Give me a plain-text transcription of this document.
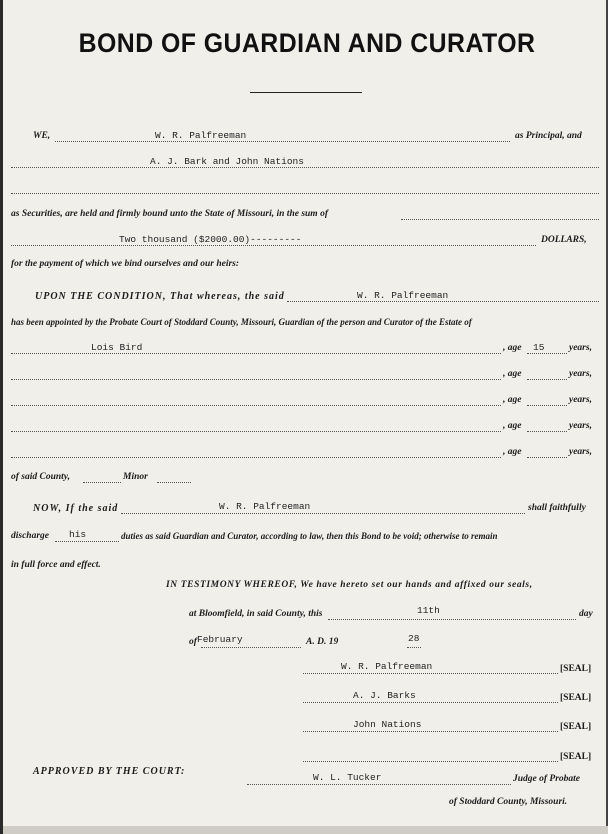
BOND OF GUARDIAN AND CURATOR
WE,	W. R. Palfreeman	as Principal, and
A. J. Bark and John Nations
as Securities, are held and firmly bound unto the State of Missouri, in the sum of
Two thousand ($2000.00)---------	DOLLARS,
for the payment of which we bind ourselves and our heirs:
UPON THE CONDITION, That whereas, the said	W. R. Palfreeman
has been appointed by the Probate Court of Stoddard County, Missouri, Guardian of the person and Curator of the Estate of
Lois Bird	, age 15	years,
, age	years,
, age	years,
, age	years,
, age	years,
of said County,	Minor
NOW, If the said	W. R. Palfreeman	shall faithfully
discharge his	duties as said Guardian and Curator, according to law, then this Bond to be void; otherwise to remain
in full force and effect.
IN TESTIMONY WHEREOF, We have hereto set our hands and affixed our seals,
at Bloomfield, in said County, this	11th	day
of February	A. D. 19	28
W. R. Palfreeman	[SEAL]
A. J. Barks	[SEAL]
John Nations	[SEAL]
[SEAL]
APPROVED BY THE COURT:
W. L. Tucker	Judge of Probate
of Stoddard County, Missouri.
